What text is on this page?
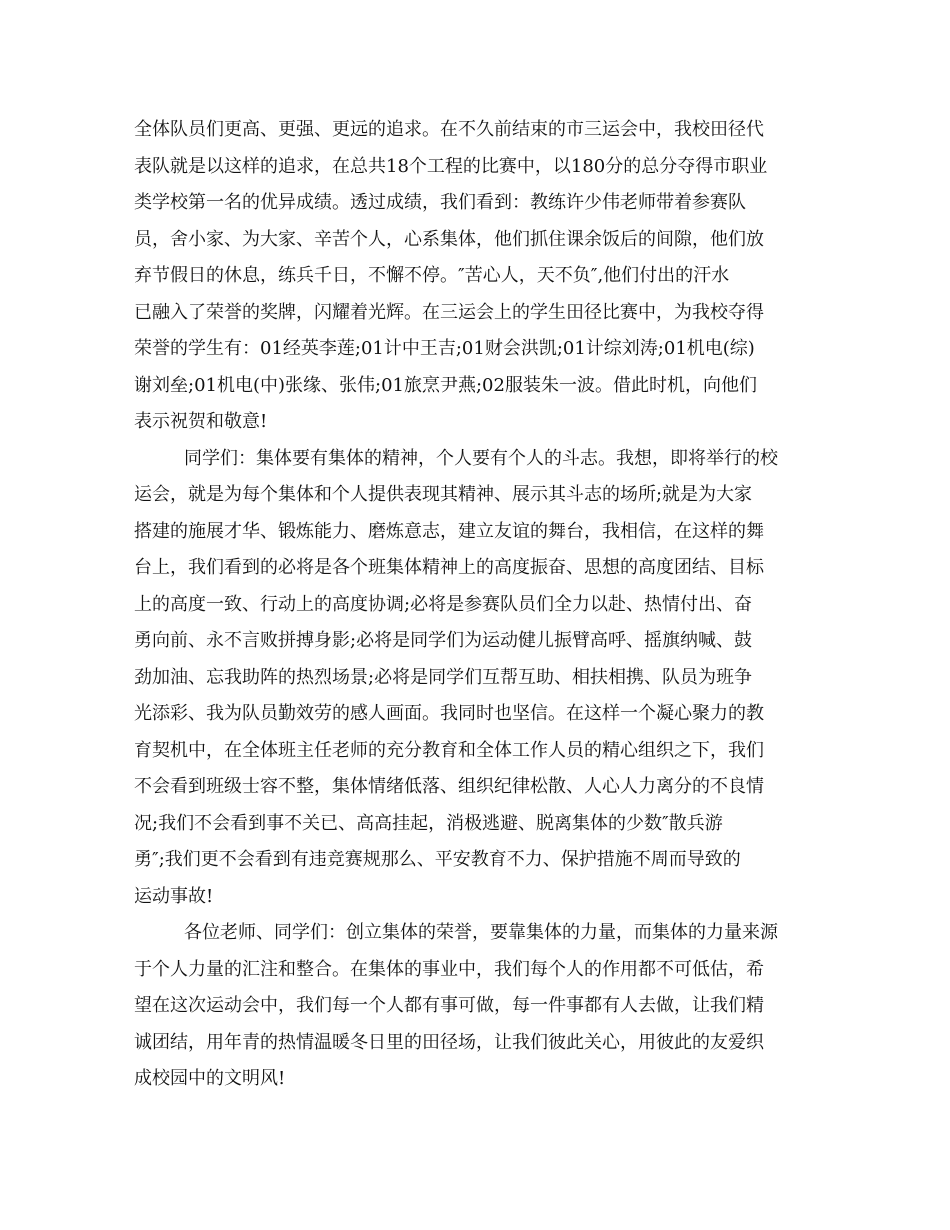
全体队员们更高、更强、更远的追求。在不久前结束的市三运会中，我校田径代
表队就是以这样的追求，在总共18个工程的比赛中，以180分的总分夺得市职业
类学校第一名的优异成绩。透过成绩，我们看到：教练许少伟老师带着参赛队
员，舍小家、为大家、辛苦个人，心系集体，他们抓住课余饭后的间隙，他们放
弃节假日的休息，练兵千日，不懈不停。″苦心人，天不负″,他们付出的汗水
已融入了荣誉的奖牌，闪耀着光辉。在三运会上的学生田径比赛中，为我校夺得
荣誉的学生有：01经英李莲;01计中王吉;01财会洪凯;01计综刘涛;01机电(综)
谢刘垒;01机电(中)张缘、张伟;01旅烹尹燕;02服装朱一波。借此时机，向他们
表示祝贺和敬意!
同学们：集体要有集体的精神，个人要有个人的斗志。我想，即将举行的校
运会，就是为每个集体和个人提供表现其精神、展示其斗志的场所;就是为大家
搭建的施展才华、锻炼能力、磨炼意志，建立友谊的舞台，我相信，在这样的舞
台上，我们看到的必将是各个班集体精神上的高度振奋、思想的高度团结、目标
上的高度一致、行动上的高度协调;必将是参赛队员们全力以赴、热情付出、奋
勇向前、永不言败拼搏身影;必将是同学们为运动健儿振臂高呼、摇旗纳喊、鼓
劲加油、忘我助阵的热烈场景;必将是同学们互帮互助、相扶相携、队员为班争
光添彩、我为队员勤效劳的感人画面。我同时也坚信。在这样一个凝心聚力的教
育契机中，在全体班主任老师的充分教育和全体工作人员的精心组织之下，我们
不会看到班级士容不整，集体情绪低落、组织纪律松散、人心人力离分的不良情
况;我们不会看到事不关已、高高挂起，消极逃避、脱离集体的少数″散兵游
勇″;我们更不会看到有违竞赛规那么、平安教育不力、保护措施不周而导致的
运动事故!
各位老师、同学们：创立集体的荣誉，要靠集体的力量，而集体的力量来源
于个人力量的汇注和整合。在集体的事业中，我们每个人的作用都不可低估，希
望在这次运动会中，我们每一个人都有事可做，每一件事都有人去做，让我们精
诚团结，用年青的热情温暖冬日里的田径场，让我们彼此关心，用彼此的友爱织
成校园中的文明风!
